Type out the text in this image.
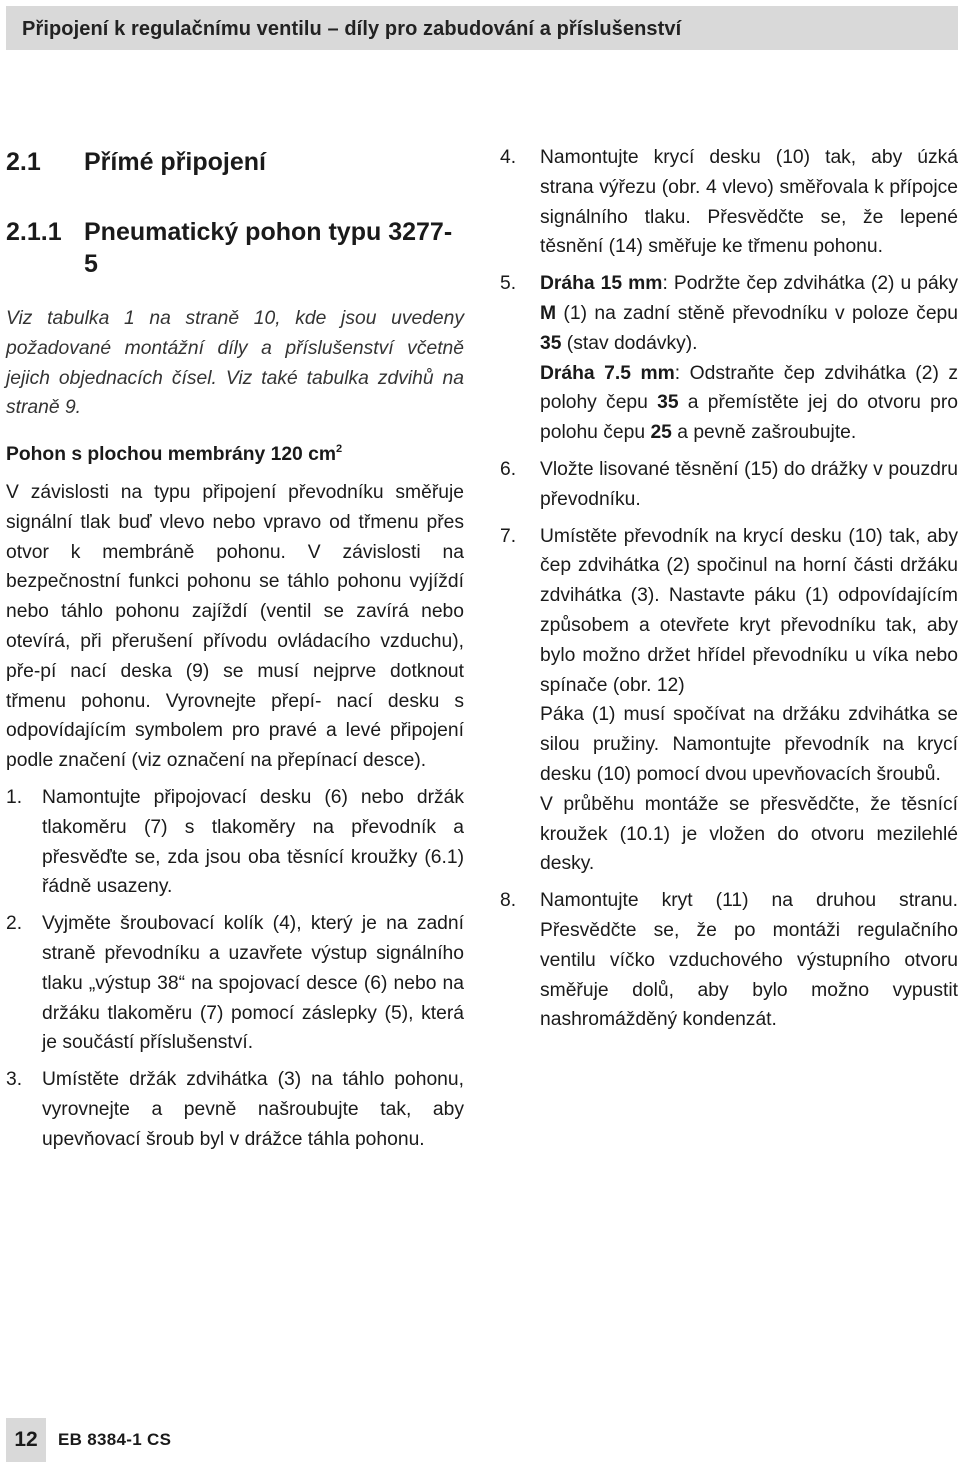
Připojení k regulačnímu ventilu – díly pro zabudování a příslušenství
2.1	Přímé připojení
2.1.1 Pneumatický pohon typu 3277-5
Viz tabulka 1 na straně 10, kde jsou uvedeny požadované montážní díly a příslušenství včetně jejich objednacích čísel. Viz také tabulka zdvihů na straně 9.
Pohon s plochou membrány 120 $cm^2$
V závislosti na typu připojení převodníku směřuje signální tlak buď vlevo nebo vpravo od třmenu přes otvor k membráně pohonu. V závislosti na bezpečnostní funkci pohonu se táhlo pohonu vyjíždí nebo táhlo pohonu zajíždí (ventil se zavírá nebo otevírá, při přerušení přívodu ovládacího vzduchu), pře-pí nací deska (9) se musí nejprve dotknout třmenu pohonu. Vyrovnejte přepí- nací desku s odpovídajícím symbolem pro pravé a levé připojení podle značení (viz označení na přepínací desce).
1.	Namontujte připojovací desku (6) nebo držák tlakoměru (7) s tlakoměry na převodník a přesvěďte se, zda jsou oba těsnící kroužky (6.1) řádně usazeny.
2.	Vyjměte šroubovací kolík (4), který je na zadní straně převodníku a uzavřete výstup signálního tlaku „výstup 38“ na spojovací desce (6) nebo na držáku tlakoměru (7) pomocí záslepky (5), která je součástí příslušenství.
3.	Umístěte držák zdvihátka (3) na táhlo pohonu, vyrovnejte a pevně našroubujte tak, aby upevňovací šroub byl v drážce táhla pohonu.
4.	Namontujte krycí desku (10) tak, aby úzká strana výřezu (obr. 4 vlevo) směřovala k přípojce signálního tlaku. Přesvědčte se, že lepené těsnění (14) směřuje ke třmenu pohonu.
5.	Dráha 15 mm: Podržte čep zdvihátka (2) u páky M (1) na zadní stěně převodníku v poloze čepu 35 (stav dodávky).
Dráha 7.5 mm: Odstraňte čep zdvihátka (2) z polohy čepu 35 a přemístěte jej do otvoru pro polohu čepu 25 a pevně zašroubujte.
6.	Vložte lisované těsnění (15) do drážky v pouzdru převodníku.
7.	Umístěte převodník na krycí desku (10) tak, aby čep zdvihátka (2) spočinul na horní části držáku zdvihátka (3). Nastavte páku (1) odpovídajícím způsobem a otevřete kryt převodníku tak, aby bylo možno držet hřídel převodníku u víka nebo spínače (obr. 12)
Páka (1) musí spočívat na držáku zdvihátka se silou pružiny. Namontujte převodník na krycí desku (10) pomocí dvou upevňovacích šroubů.
V průběhu montáže se přesvědčte, že těsnící kroužek (10.1) je vložen do otvoru mezilehlé desky.
8.	Namontujte kryt (11) na druhou stranu. Přesvědčte se, že po montáži regulačního ventilu víčko vzduchového výstupního otvoru směřuje dolů, aby bylo možno vypustit nashromážděný kondenzát.
12	EB 8384-1 CS
